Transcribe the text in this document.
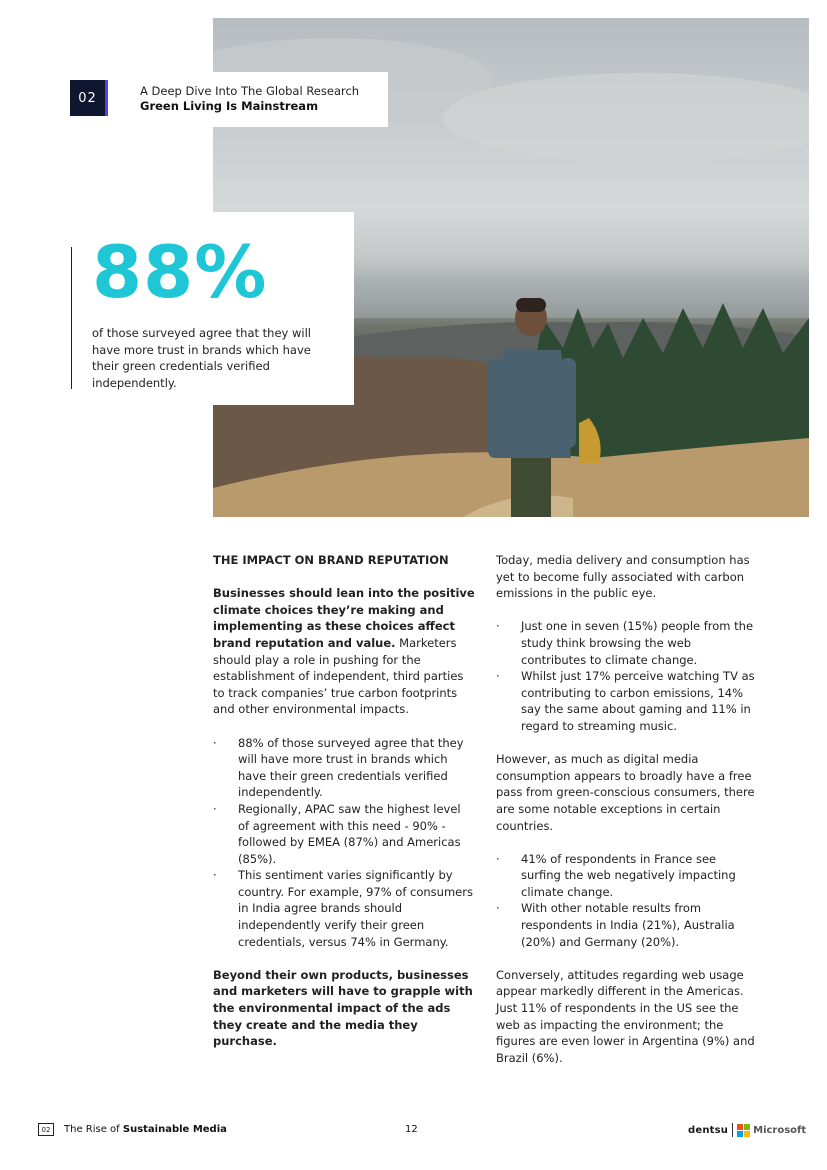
02	A Deep Dive Into The Global Research
Green Living Is Mainstream
88%
of those surveyed agree that they will have more trust in brands which have their green credentials verified independently.
THE IMPACT ON BRAND REPUTATION

Businesses should lean into the positive climate choices they’re making and implementing as these choices affect brand reputation and value. Marketers should play a role in pushing for the establishment of independent, third parties to track companies’ true carbon footprints and other environmental impacts.

· 88% of those surveyed agree that they will have more trust in brands which have their green credentials verified independently.
· Regionally, APAC saw the highest level of agreement with this need - 90% - followed by EMEA (87%) and Americas (85%).
· This sentiment varies significantly by country. For example, 97% of consumers in India agree brands should independently verify their green credentials, versus 74% in Germany.

Beyond their own products, businesses and marketers will have to grapple with the environmental impact of the ads they create and the media they purchase.

Today, media delivery and consumption has yet to become fully associated with carbon emissions in the public eye.

· Just one in seven (15%) people from the study think browsing the web contributes to climate change.
· Whilst just 17% perceive watching TV as contributing to carbon emissions, 14% say the same about gaming and 11% in regard to streaming music.

However, as much as digital media consumption appears to broadly have a free pass from green-conscious consumers, there are some notable exceptions in certain countries.

· 41% of respondents in France see surfing the web negatively impacting climate change.
· With other notable results from respondents in India (21%), Australia (20%) and Germany (20%).

Conversely, attitudes regarding web usage appear markedly different in the Americas. Just 11% of respondents in the US see the web as impacting the environment; the figures are even lower in Argentina (9%) and Brazil (6%).

02	The Rise of Sustainable Media	12	dentsu	Microsoft
